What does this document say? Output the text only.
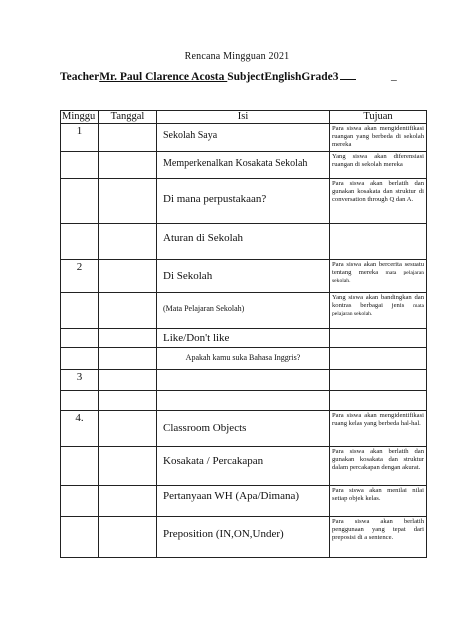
Rencana Mingguan 2021
TeacherMr. Paul Clarence Acosta SubjectEnglishGrade3	_
Minggu	Tanggal	Isi	Tujuan
1		Sekolah Saya	Para siswa akan mengidentifikasi ruangan yang berbeda di sekolah mereka
		Memperkenalkan Kosakata Sekolah	Yang siswa akan diferensiasi ruangan di sekolah mereka
		Di mana perpustakaan?	Para siswa akan berlatih dan gunakan kosakata dan struktur di conversation through Q dan A.
		Aturan di Sekolah	
2		Di Sekolah	Para siswa akan bercerita sesuatu tentang mereka mata pelajaran sekolah.
		(Mata Pelajaran Sekolah)	Yang siswa akan bandingkan dan kontras berbagai jenis mata pelajaran sekolah.
		Like/Don't like	
		Apakah kamu suka Bahasa Inggris?	
3			

4.		Classroom Objects	Para siswa akan mengidentifikasi ruang kelas yang berbeda hal-hal.
		Kosakata / Percakapan	Para siswa akan berlatih dan gunakan kosakata dan struktur dalam percakapan dengan akurat.
		Pertanyaan WH (Apa/Dimana)	Para siswa akan menilai nilai setiap objek kelas.
		Preposition (IN,ON,Under)	Para siswa akan berlatih penggunaan yang tepat dari preposisi di a sentence.
